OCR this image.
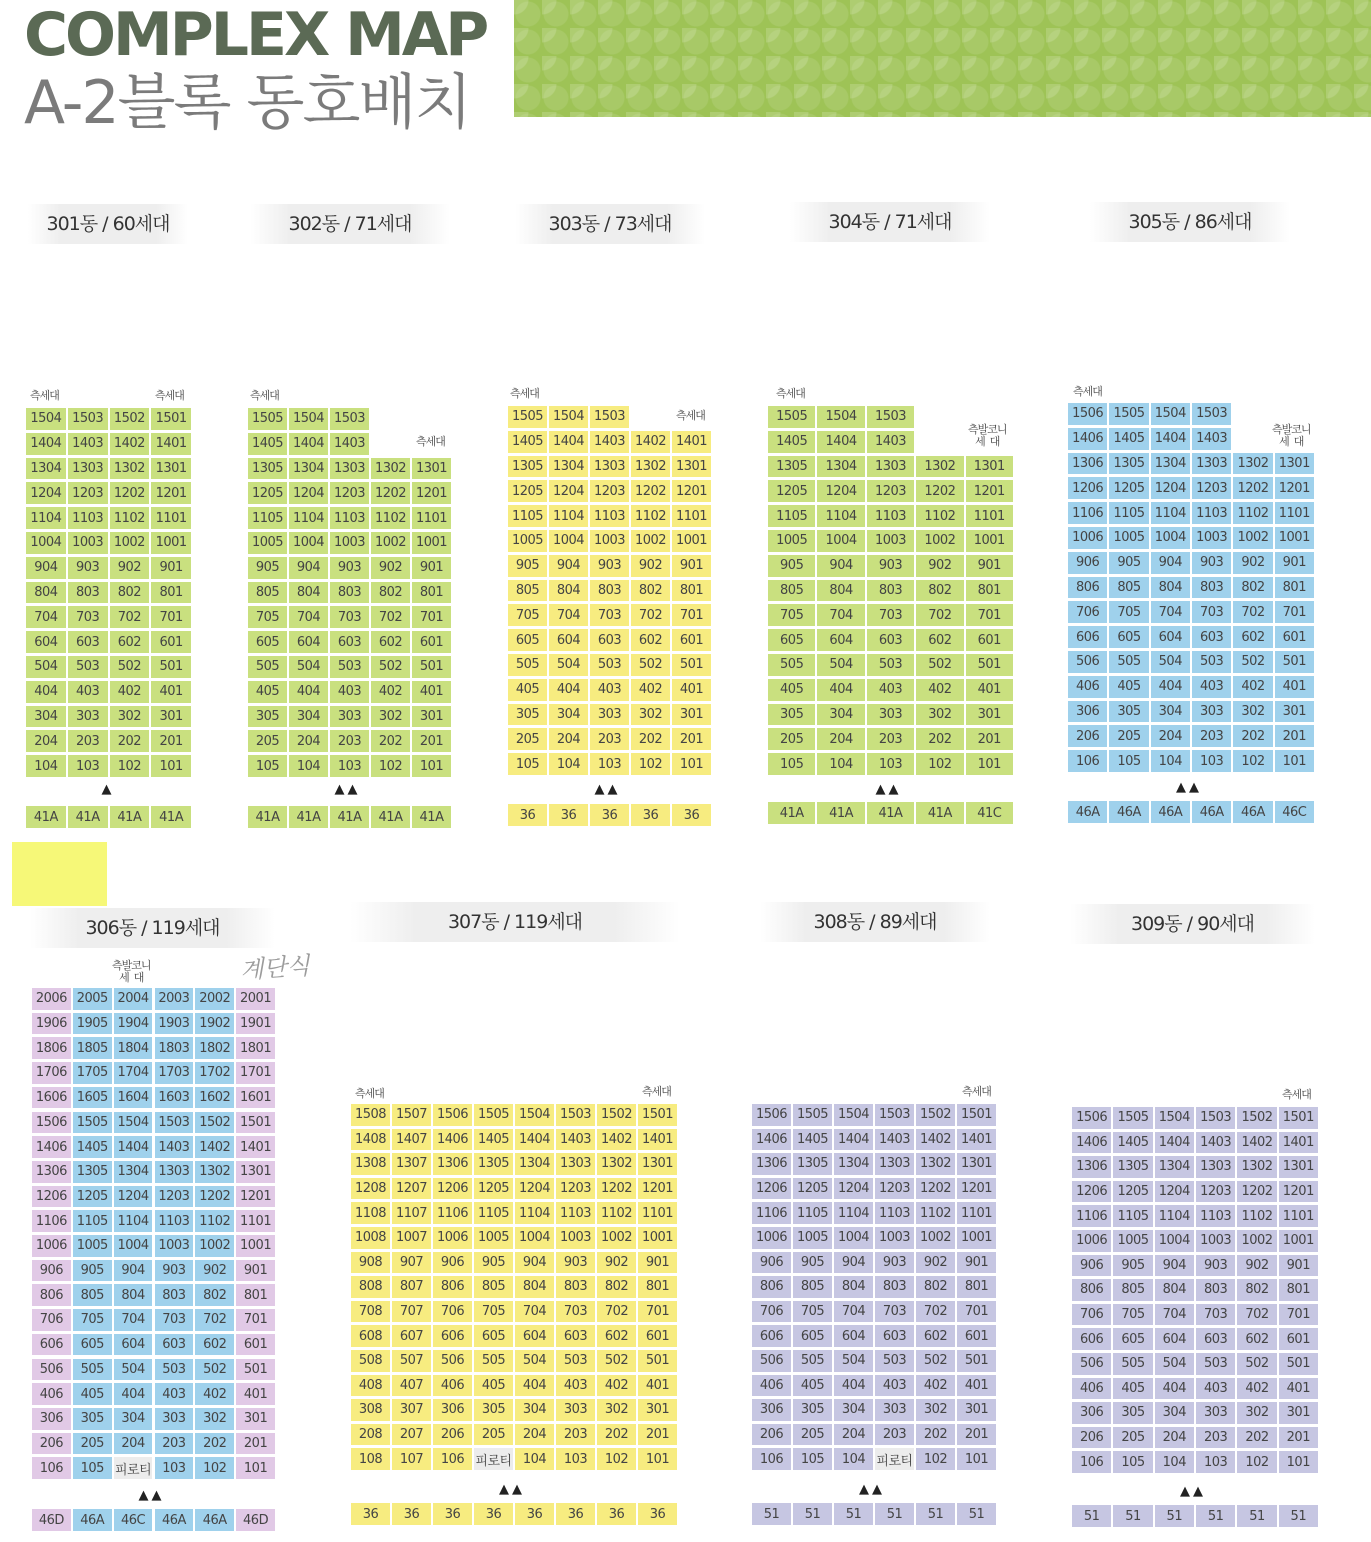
COMPLEX MAP
A-2블록 동호배치
계단식
301동 / 60세대
측세대	측세대
1504 1503 1502 1501
1404 1403 1402 1401
1304 1303 1302 1301
1204 1203 1202 1201
1104 1103 1102 1101
1004 1003 1002 1001
904	903	902	901
804	803	802	801
704	703	702	701
604	603	602	601
504	503	502	501
404	403	402	401
304	303	302	301
204	203	202	201
104	103	102	101
▲
41A	41A	41A	41A
302동 / 71세대
측세대
측세대
1505 1504 1503
1405 1404 1403
1305 1304 1303 1302 1301
1205 1204 1203 1202 1201
1105 1104 1103 1102 1101
1005 1004 1003 1002 1001
905	904	903	902	901
805	804	803	802	801
705	704	703	702	701
605	604	603	602	601
505	504	503	502	501
405	404	403	402	401
305	304	303	302	301
205	204	203	202	201
105	104	103	102	101
▲▲
41A	41A	41A	41A	41A
303동 / 73세대
측세대
측세대
1505 1504 1503
1405 1404 1403 1402 1401
1305 1304 1303 1302 1301
1205 1204 1203 1202 1201
1105 1104 1103 1102 1101
1005 1004 1003 1002 1001
905	904	903	902	901
805	804	803	802	801
705	704	703	702	701
605	604	603	602	601
505	504	503	502	501
405	404	403	402	401
305	304	303	302	301
205	204	203	202	201
105	104	103	102	101
▲▲
36	36	36	36	36
304동 / 71세대
측세대
측발코니
세  대
1505	1504	1503
1405	1404	1403
1305	1304	1303	1302	1301
1205	1204	1203	1202	1201
1105	1104	1103	1102	1101
1005	1004	1003	1002	1001
905	904	903	902	901
805	804	803	802	801
705	704	703	702	701
605	604	603	602	601
505	504	503	502	501
405	404	403	402	401
305	304	303	302	301
205	204	203	202	201
105	104	103	102	101
▲▲
41A	41A	41A	41A	41C
305동 / 86세대
측세대
측발코니
세  대
1506 1505 1504 1503
1406 1405 1404 1403
1306 1305 1304 1303 1302 1301
1206 1205 1204 1203 1202 1201
1106 1105 1104 1103 1102 1101
1006 1005 1004 1003 1002 1001
906	905	904	903	902	901
806	805	804	803	802	801
706	705	704	703	702	701
606	605	604	603	602	601
506	505	504	503	502	501
406	405	404	403	402	401
306	305	304	303	302	301
206	205	204	203	202	201
106	105	104	103	102	101
▲▲
46A	46A	46A	46A	46A	46C
306동 / 119세대
측발코니
세  대
2006 2005 2004 2003 2002 2001
1906 1905 1904 1903 1902 1901
1806 1805 1804 1803 1802 1801
1706 1705 1704 1703 1702 1701
1606 1605 1604 1603 1602 1601
1506 1505 1504 1503 1502 1501
1406 1405 1404 1403 1402 1401
1306 1305 1304 1303 1302 1301
1206 1205 1204 1203 1202 1201
1106 1105 1104 1103 1102 1101
1006 1005 1004 1003 1002 1001
906	905	904	903	902	901
806	805	804	803	802	801
706	705	704	703	702	701
606	605	604	603	602	601
506	505	504	503	502	501
406	405	404	403	402	401
306	305	304	303	302	301
206	205	204	203	202	201
106	105 피로티 103	102	101
▲▲
46D	46A	46C	46A	46A	46D
307동 / 119세대
측세대	측세대
1508 1507 1506 1505 1504 1503 1502 1501
1408 1407 1406 1405 1404 1403 1402 1401
1308 1307 1306 1305 1304 1303 1302 1301
1208 1207 1206 1205 1204 1203 1202 1201
1108 1107 1106 1105 1104 1103 1102 1101
1008 1007 1006 1005 1004 1003 1002 1001
908	907	906	905	904	903	902	901
808	807	806	805	804	803	802	801
708	707	706	705	704	703	702	701
608	607	606	605	604	603	602	601
508	507	506	505	504	503	502	501
408	407	406	405	404	403	402	401
308	307	306	305	304	303	302	301
208	207	206	205	204	203	202	201
108	107	106 피로티 104	103	102	101
▲▲
36	36	36	36	36	36	36	36
308동 / 89세대
측세대
1506 1505 1504 1503 1502 1501
1406 1405 1404 1403 1402 1401
1306 1305 1304 1303 1302 1301
1206 1205 1204 1203 1202 1201
1106 1105 1104 1103 1102 1101
1006 1005 1004 1003 1002 1001
906	905	904	903	902	901
806	805	804	803	802	801
706	705	704	703	702	701
606	605	604	603	602	601
506	505	504	503	502	501
406	405	404	403	402	401
306	305	304	303	302	301
206	205	204	203	202	201
106	105	104 피로티 102	101
▲▲
51	51	51	51	51	51
309동 / 90세대
측세대
1506 1505 1504 1503 1502 1501
1406 1405 1404 1403 1402 1401
1306 1305 1304 1303 1302 1301
1206 1205 1204 1203 1202 1201
1106 1105 1104 1103 1102 1101
1006 1005 1004 1003 1002 1001
906	905	904	903	902	901
806	805	804	803	802	801
706	705	704	703	702	701
606	605	604	603	602	601
506	505	504	503	502	501
406	405	404	403	402	401
306	305	304	303	302	301
206	205	204	203	202	201
106	105	104	103	102	101
▲▲
51	51	51	51	51	51
